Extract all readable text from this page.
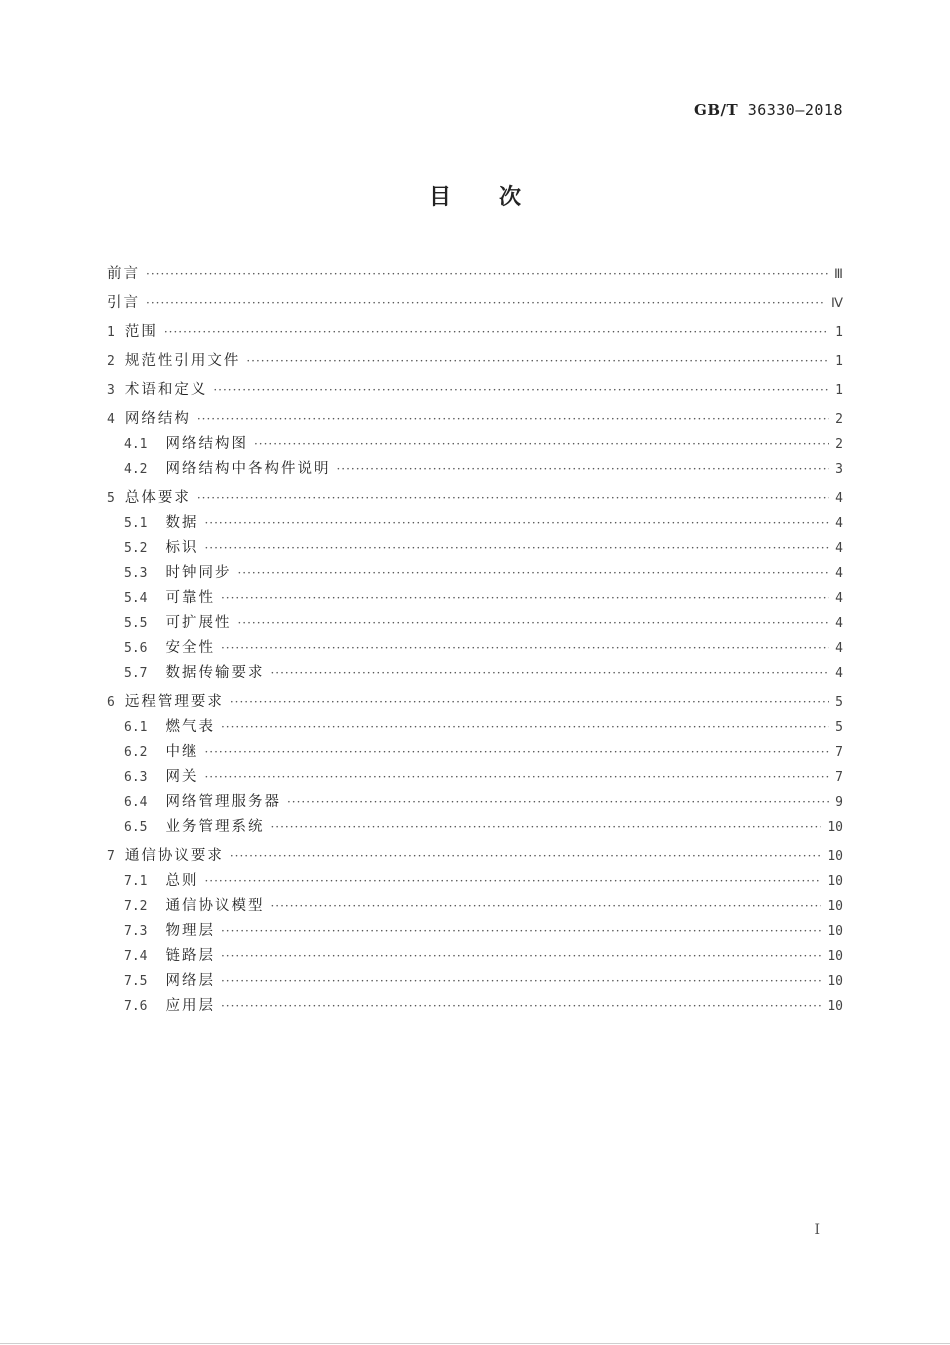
GB/T 36330—2018
目 次
前言 ·····	Ⅲ
引言 ·····	Ⅳ
1 范围 ·····	1
2 规范性引用文件 ·····	1
3 术语和定义 ·····	1
4 网络结构 ·····	2
4.1 网络结构图 ·····	2
4.2 网络结构中各构件说明 ·····	3
5 总体要求 ·····	4
5.1 数据 ·····	4
5.2 标识 ·····	4
5.3 时钟同步 ·····	4
5.4 可靠性 ·····	4
5.5 可扩展性 ·····	4
5.6 安全性 ·····	4
5.7 数据传输要求 ·····	4
6 远程管理要求 ·····	5
6.1 燃气表 ·····	5
6.2 中继 ·····	7
6.3 网关 ·····	7
6.4 网络管理服务器 ·····	9
6.5 业务管理系统 ·····	10
7 通信协议要求 ·····	10
7.1 总则 ·····	10
7.2 通信协议模型 ·····	10
7.3 物理层 ·····	10
7.4 链路层 ·····	10
7.5 网络层 ·····	10
7.6 应用层 ·····	10
I
